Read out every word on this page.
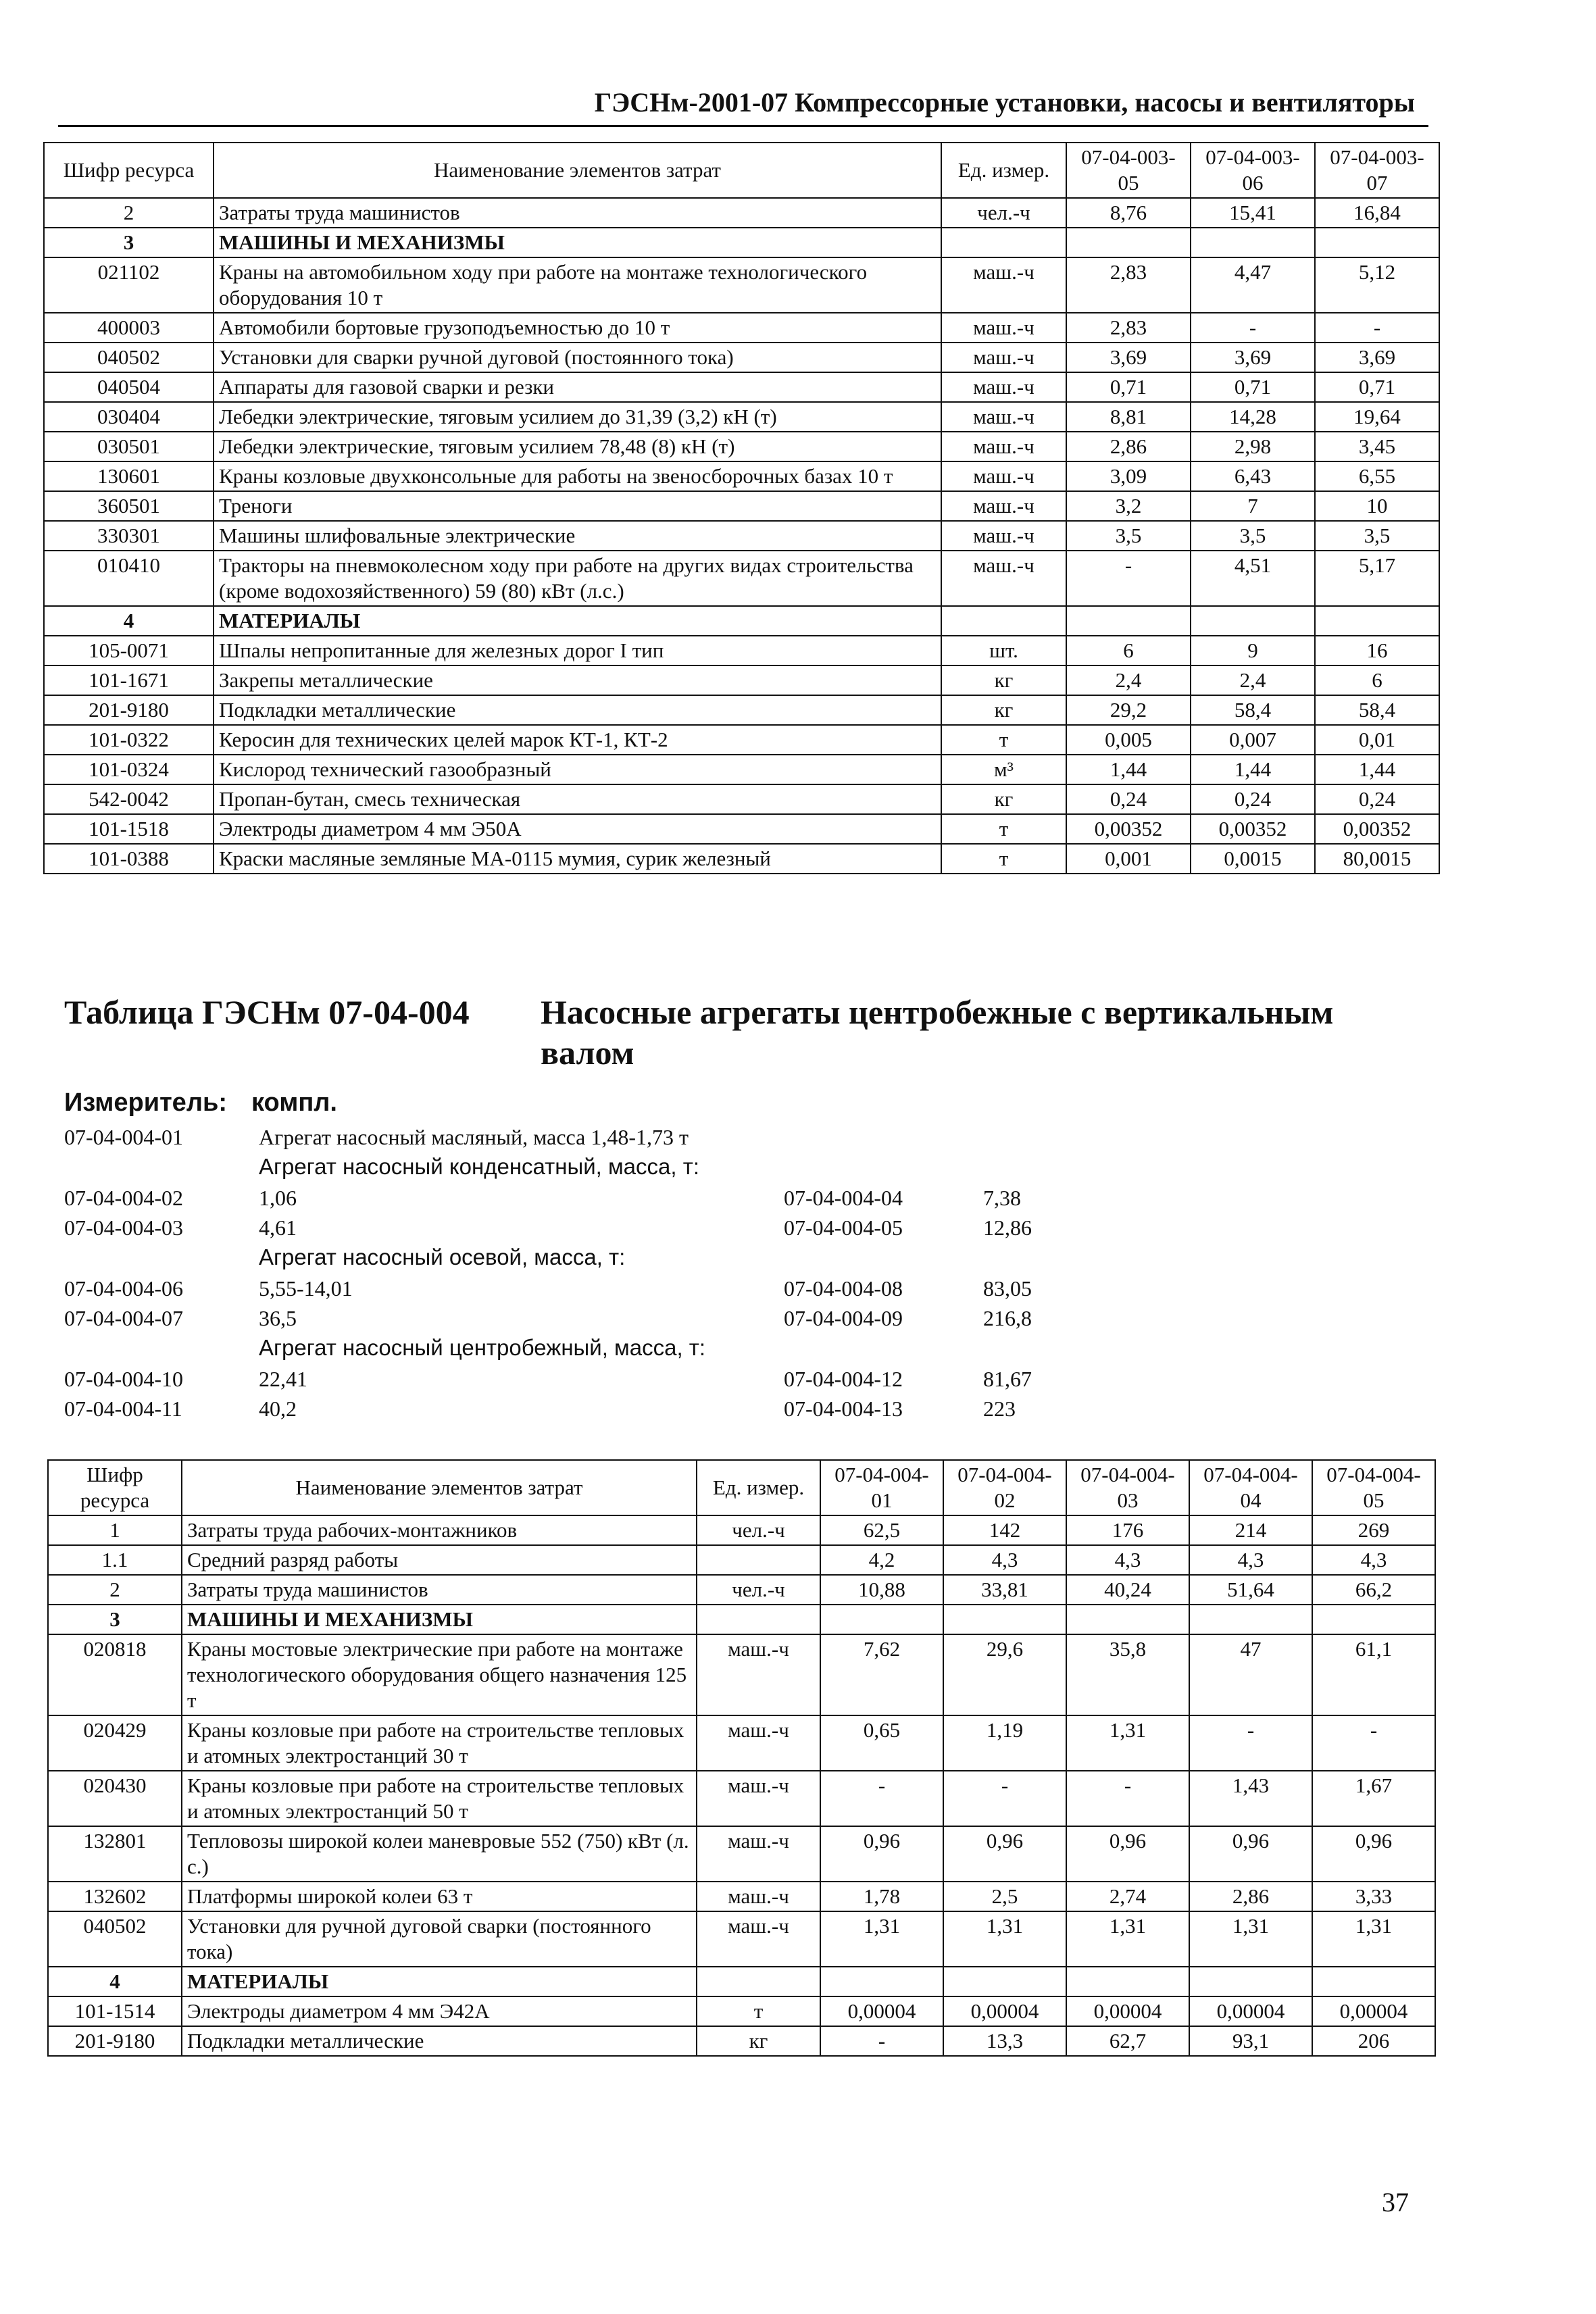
ГЭСНм-2001-07 Компрессорные установки, насосы и вентиляторы
Шифр ресурса	Наименование элементов затрат	Ед. измер.	07-04-003-05	07-04-003-06	07-04-003-07
2	Затраты труда машинистов	чел.-ч	8,76	15,41	16,84
3	МАШИНЫ И МЕХАНИЗМЫ				
021102	Краны на автомобильном ходу при работе на монтаже технологического оборудования 10 т	маш.-ч	2,83	4,47	5,12
400003	Автомобили бортовые грузоподъемностью до 10 т	маш.-ч	2,83	-	-
040502	Установки для сварки ручной дуговой (постоянного тока)	маш.-ч	3,69	3,69	3,69
040504	Аппараты для газовой сварки и резки	маш.-ч	0,71	0,71	0,71
030404	Лебедки электрические, тяговым усилием до 31,39 (3,2) кН (т)	маш.-ч	8,81	14,28	19,64
030501	Лебедки электрические, тяговым усилием 78,48 (8) кН (т)	маш.-ч	2,86	2,98	3,45
130601	Краны козловые двухконсольные для работы на звеносборочных базах 10 т	маш.-ч	3,09	6,43	6,55
360501	Треноги	маш.-ч	3,2	7	10
330301	Машины шлифовальные электрические	маш.-ч	3,5	3,5	3,5
010410	Тракторы на пневмоколесном ходу при работе на других видах строительства (кроме водохозяйственного) 59 (80) кВт (л.с.)	маш.-ч	-	4,51	5,17
4	МАТЕРИАЛЫ				
105-0071	Шпалы непропитанные для железных дорог I тип	шт.	6	9	16
101-1671	Закрепы металлические	кг	2,4	2,4	6
201-9180	Подкладки металлические	кг	29,2	58,4	58,4
101-0322	Керосин для технических целей марок КТ-1, КТ-2	т	0,005	0,007	0,01
101-0324	Кислород технический газообразный	м³	1,44	1,44	1,44
542-0042	Пропан-бутан, смесь техническая	кг	0,24	0,24	0,24
101-1518	Электроды диаметром 4 мм Э50А	т	0,00352	0,00352	0,00352
101-0388	Краски масляные земляные МА-0115 мумия, сурик железный	т	0,001	0,0015	80,0015
Таблица ГЭСНм 07-04-004 Насосные агрегаты центробежные с вертикальным валом
Измеритель: компл.
07-04-004-01	Агрегат насосный масляный, масса 1,48-1,73 т
Агрегат насосный конденсатный, масса, т:
07-04-004-02	1,06	07-04-004-04	7,38
07-04-004-03	4,61	07-04-004-05	12,86
Агрегат насосный осевой, масса, т:
07-04-004-06	5,55-14,01	07-04-004-08	83,05
07-04-004-07	36,5	07-04-004-09	216,8
Агрегат насосный центробежный, масса, т:
07-04-004-10	22,41	07-04-004-12	81,67
07-04-004-11	40,2	07-04-004-13	223
Шифр ресурса	Наименование элементов затрат	Ед. измер.	07-04-004-01	07-04-004-02	07-04-004-03	07-04-004-04	07-04-004-05
1	Затраты труда рабочих-монтажников	чел.-ч	62,5	142	176	214	269
1.1	Средний разряд работы		4,2	4,3	4,3	4,3	4,3
2	Затраты труда машинистов	чел.-ч	10,88	33,81	40,24	51,64	66,2
3	МАШИНЫ И МЕХАНИЗМЫ						
020818	Краны мостовые электрические при работе на монтаже технологического оборудования общего назначения 125 т	маш.-ч	7,62	29,6	35,8	47	61,1
020429	Краны козловые при работе на строительстве тепловых и атомных электростанций 30 т	маш.-ч	0,65	1,19	1,31	-	-
020430	Краны козловые при работе на строительстве тепловых и атомных электростанций 50 т	маш.-ч	-	-	-	1,43	1,67
132801	Тепловозы широкой колеи маневровые 552 (750) кВт (л. с.)	маш.-ч	0,96	0,96	0,96	0,96	0,96
132602	Платформы широкой колеи 63 т	маш.-ч	1,78	2,5	2,74	2,86	3,33
040502	Установки для ручной дуговой сварки (постоянного тока)	маш.-ч	1,31	1,31	1,31	1,31	1,31
4	МАТЕРИАЛЫ						
101-1514	Электроды диаметром 4 мм Э42А	т	0,00004	0,00004	0,00004	0,00004	0,00004
201-9180	Подкладки металлические	кг	-	13,3	62,7	93,1	206
37
